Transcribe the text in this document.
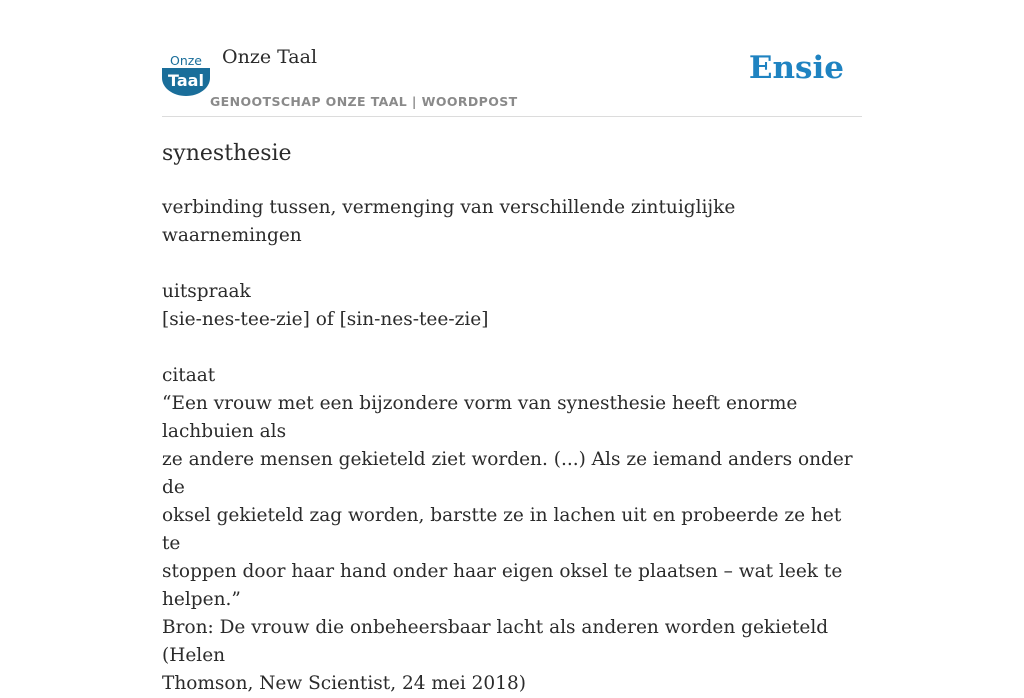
Onze
Taal
Onze Taal
GENOOTSCHAP ONZE TAAL | WOORDPOST
Ensie
synesthesie
verbinding tussen, vermenging van verschillende zintuiglijke waarnemingen
uitspraak
[sie-nes-tee-zie] of [sin-nes-tee-zie]
citaat
“Een vrouw met een bijzondere vorm van synesthesie heeft enorme lachbuien als
ze andere mensen gekieteld ziet worden. (...) Als ze iemand anders onder de
oksel gekieteld zag worden, barstte ze in lachen uit en probeerde ze het te
stoppen door haar hand onder haar eigen oksel te plaatsen – wat leek te helpen.”
Bron: De vrouw die onbeheersbaar lacht als anderen worden gekieteld (Helen
Thomson, New Scientist, 24 mei 2018)
